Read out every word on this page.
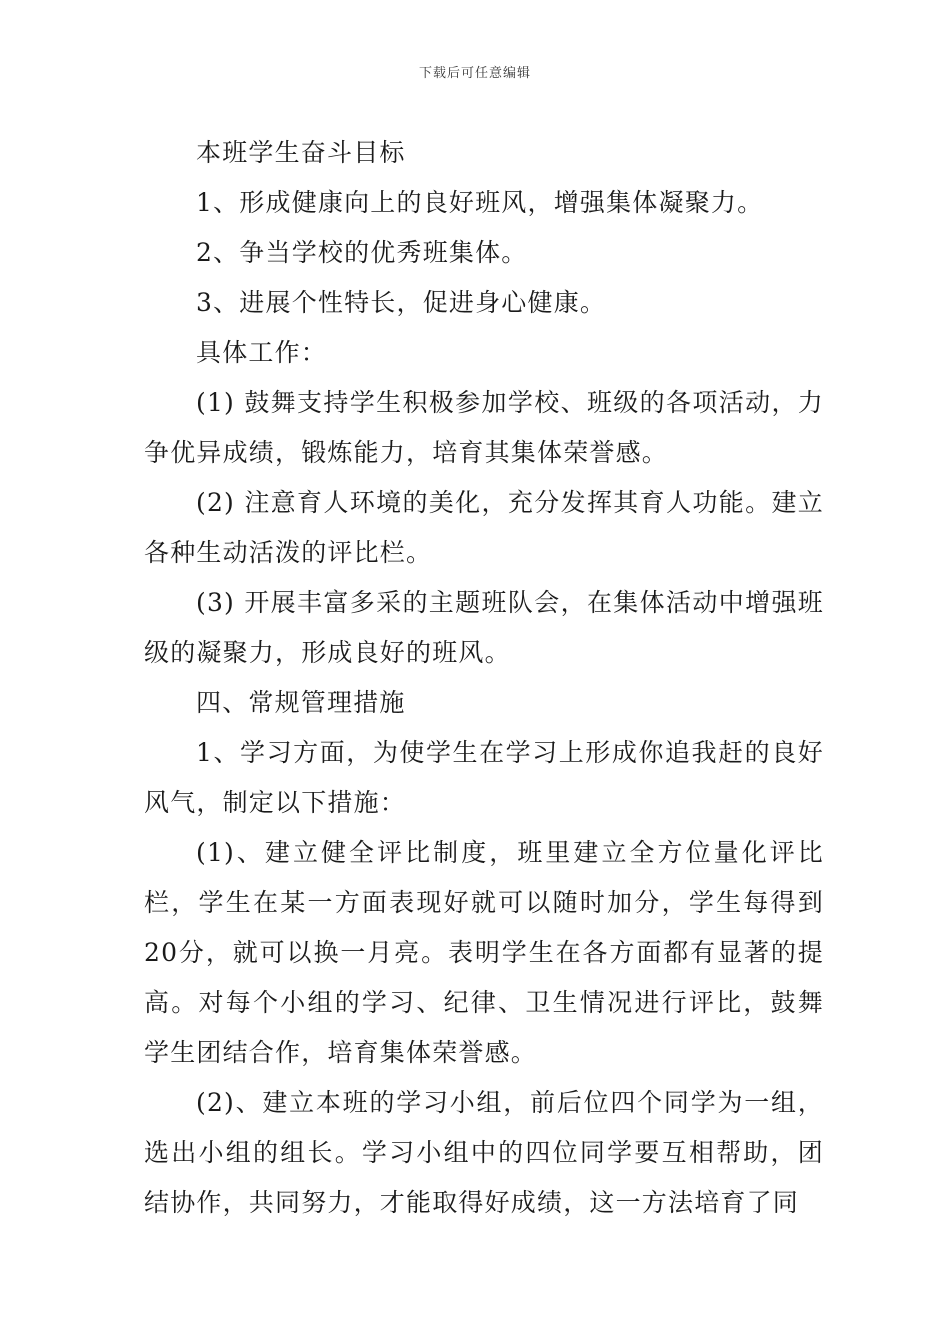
下载后可任意编辑

本班学生奋斗目标

1、形成健康向上的良好班风，增强集体凝聚力。

2、争当学校的优秀班集体。

3、进展个性特长，促进身心健康。

具体工作：

(1) 鼓舞支持学生积极参加学校、班级的各项活动，力争优异成绩，锻炼能力，培育其集体荣誉感。

(2) 注意育人环境的美化，充分发挥其育人功能。建立各种生动活泼的评比栏。

(3) 开展丰富多采的主题班队会，在集体活动中增强班级的凝聚力，形成良好的班风。

四、常规管理措施

1、学习方面，为使学生在学习上形成你追我赶的良好风气，制定以下措施：

(1)、建立健全评比制度，班里建立全方位量化评比栏，学生在某一方面表现好就可以随时加分，学生每得到20分，就可以换一月亮。表明学生在各方面都有显著的提高。对每个小组的学习、纪律、卫生情况进行评比，鼓舞学生团结合作，培育集体荣誉感。

(2)、建立本班的学习小组，前后位四个同学为一组，选出小组的组长。学习小组中的四位同学要互相帮助，团结协作，共同努力，才能取得好成绩，这一方法培育了同
